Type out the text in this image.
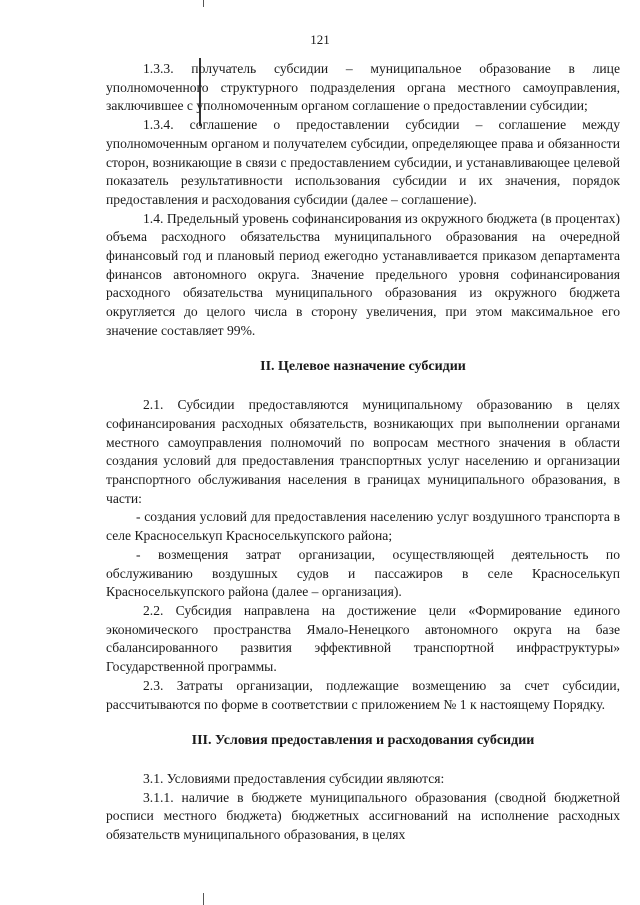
121

1.3.3. получатель субсидии – муниципальное образование в лице уполномоченного структурного подразделения органа местного самоуправления, заключившее с уполномоченным органом соглашение о предоставлении субсидии;

1.3.4. соглашение о предоставлении субсидии – соглашение между уполномоченным органом и получателем субсидии, определяющее права и обязанности сторон, возникающие в связи с предоставлением субсидии, и устанавливающее целевой показатель результативности использования субсидии и их значения, порядок предоставления и расходования субсидии (далее – соглашение).

1.4. Предельный уровень софинансирования из окружного бюджета (в процентах) объема расходного обязательства муниципального образования на очередной финансовый год и плановый период ежегодно устанавливается приказом департамента финансов автономного округа. Значение предельного уровня софинансирования расходного обязательства муниципального образования из окружного бюджета округляется до целого числа в сторону увеличения, при этом максимальное его значение составляет 99%.

II. Целевое назначение субсидии

2.1. Субсидии предоставляются муниципальному образованию в целях софинансирования расходных обязательств, возникающих при выполнении органами местного самоуправления полномочий по вопросам местного значения в области создания условий для предоставления транспортных услуг населению и организации транспортного обслуживания населения в границах муниципального образования, в части:

- создания условий для предоставления населению услуг воздушного транспорта в селе Красноселькуп Красноселькупского района;

- возмещения затрат организации, осуществляющей деятельность по обслуживанию воздушных судов и пассажиров в селе Красноселькуп Красноселькупского района (далее – организация).

2.2. Субсидия направлена на достижение цели «Формирование единого экономического пространства Ямало-Ненецкого автономного округа на базе сбалансированного развития эффективной транспортной инфраструктуры» Государственной программы.

2.3. Затраты организации, подлежащие возмещению за счет субсидии, рассчитываются по форме в соответствии с приложением № 1 к настоящему Порядку.

III. Условия предоставления и расходования субсидии

3.1. Условиями предоставления субсидии являются:

3.1.1. наличие в бюджете муниципального образования (сводной бюджетной росписи местного бюджета) бюджетных ассигнований на исполнение расходных обязательств муниципального образования, в целях
